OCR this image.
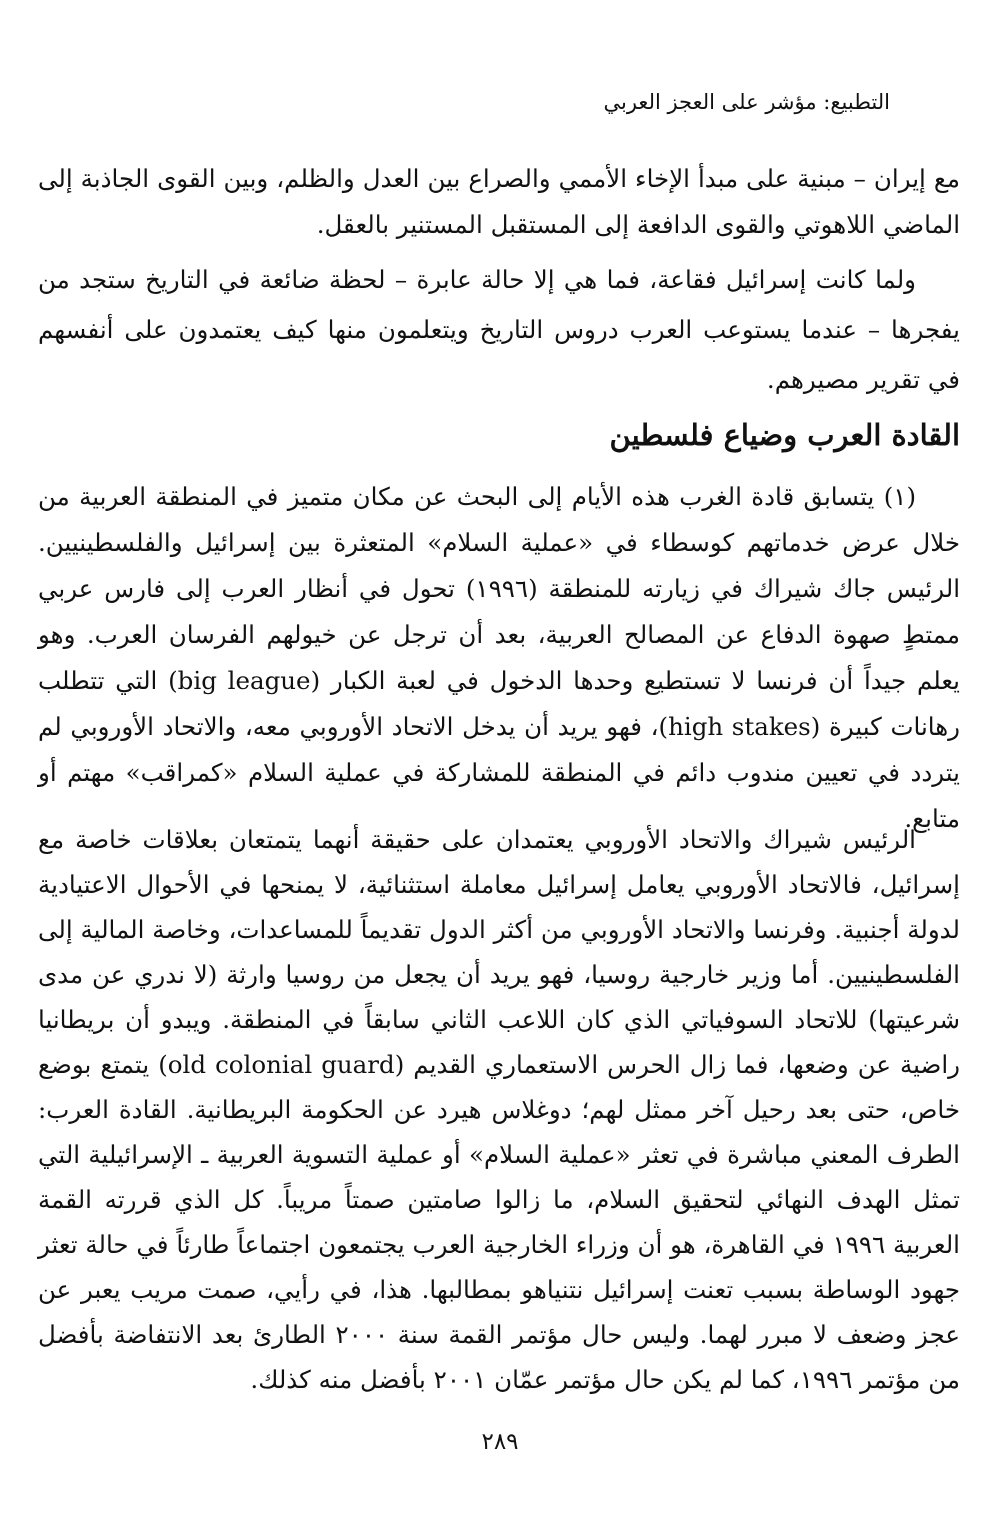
التطبيع: مؤشر على العجز العربي

مع إيران – مبنية على مبدأ الإخاء الأممي والصراع بين العدل والظلم، وبين القوى الجاذبة إلى الماضي اللاهوتي والقوى الدافعة إلى المستقبل المستنير بالعقل.

ولما كانت إسرائيل فقاعة، فما هي إلا حالة عابرة – لحظة ضائعة في التاريخ ستجد من يفجرها – عندما يستوعب العرب دروس التاريخ ويتعلمون منها كيف يعتمدون على أنفسهم في تقرير مصيرهم.

القادة العرب وضياع فلسطين

(١) يتسابق قادة الغرب هذه الأيام إلى البحث عن مكان متميز في المنطقة العربية من خلال عرض خدماتهم كوسطاء في «عملية السلام» المتعثرة بين إسرائيل والفلسطينيين. الرئيس جاك شيراك في زيارته للمنطقة (١٩٩٦) تحول في أنظار العرب إلى فارس عربي ممتطٍ صهوة الدفاع عن المصالح العربية، بعد أن ترجل عن خيولهم الفرسان العرب. وهو يعلم جيداً أن فرنسا لا تستطيع وحدها الدخول في لعبة الكبار (big league) التي تتطلب رهانات كبيرة (high stakes)، فهو يريد أن يدخل الاتحاد الأوروبي معه، والاتحاد الأوروبي لم يتردد في تعيين مندوب دائم في المنطقة للمشاركة في عملية السلام «كمراقب» مهتم أو متابع.

الرئيس شيراك والاتحاد الأوروبي يعتمدان على حقيقة أنهما يتمتعان بعلاقات خاصة مع إسرائيل، فالاتحاد الأوروبي يعامل إسرائيل معاملة استثنائية، لا يمنحها في الأحوال الاعتيادية لدولة أجنبية. وفرنسا والاتحاد الأوروبي من أكثر الدول تقديماً للمساعدات، وخاصة المالية إلى الفلسطينيين. أما وزير خارجية روسيا، فهو يريد أن يجعل من روسيا وارثة (لا ندري عن مدى شرعيتها) للاتحاد السوفياتي الذي كان اللاعب الثاني سابقاً في المنطقة. ويبدو أن بريطانيا راضية عن وضعها، فما زال الحرس الاستعماري القديم (old colonial guard) يتمتع بوضع خاص، حتى بعد رحيل آخر ممثل لهم؛ دوغلاس هيرد عن الحكومة البريطانية. القادة العرب: الطرف المعني مباشرة في تعثر «عملية السلام» أو عملية التسوية العربية ـ الإسرائيلية التي تمثل الهدف النهائي لتحقيق السلام، ما زالوا صامتين صمتاً مريباً. كل الذي قررته القمة العربية ١٩٩٦ في القاهرة، هو أن وزراء الخارجية العرب يجتمعون اجتماعاً طارئاً في حالة تعثر جهود الوساطة بسبب تعنت إسرائيل نتنياهو بمطالبها. هذا، في رأيي، صمت مريب يعبر عن عجز وضعف لا مبرر لهما. وليس حال مؤتمر القمة سنة ٢٠٠٠ الطارئ بعد الانتفاضة بأفضل من مؤتمر ١٩٩٦، كما لم يكن حال مؤتمر عمّان ٢٠٠١ بأفضل منه كذلك.

٢٨٩
